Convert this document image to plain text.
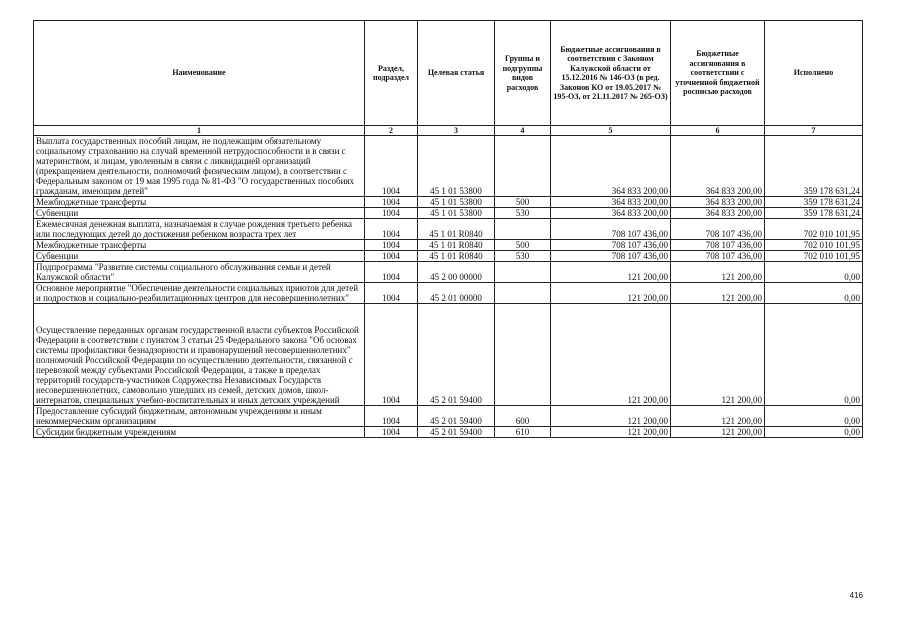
Наименование	Раздел, подраздел	Целевая статья	Группы и подгруппы видов расходов	Бюджетные ассигнования в соответствии с Законом Калужской области от 15.12.2016 № 146-ОЗ (в ред. Законов КО от 19.05.2017 № 195-ОЗ, от 21.11.2017 № 265-ОЗ)	Бюджетные ассигнования в соответствии с уточненной бюджетной росписью расходов	Исполнено
1	2	3	4	5	6	7
Выплата государственных пособий лицам, не подлежащим обязательному социальному страхованию на случай временной нетрудоспособности и в связи с материнством, и лицам, уволенным в связи с ликвидацией организаций (прекращением деятельности, полномочий физическим лицом), в соответствии с Федеральным законом от 19 мая 1995 года № 81-ФЗ "О государственных пособиях гражданам, имеющим детей"	1004	45 1 01 53800		364 833 200,00	364 833 200,00	359 178 631,24
Межбюджетные трансферты	1004	45 1 01 53800	500	364 833 200,00	364 833 200,00	359 178 631,24
Субвенции	1004	45 1 01 53800	530	364 833 200,00	364 833 200,00	359 178 631,24
Ежемесячная денежная выплата, назначаемая в случае рождения третьего ребенка или последующих детей до достижения ребенком возраста трех лет	1004	45 1 01 R0840		708 107 436,00	708 107 436,00	702 010 101,95
Межбюджетные трансферты	1004	45 1 01 R0840	500	708 107 436,00	708 107 436,00	702 010 101,95
Субвенции	1004	45 1 01 R0840	530	708 107 436,00	708 107 436,00	702 010 101,95
Подпрограмма "Развитие системы социального обслуживания семьи и детей Калужской области"	1004	45 2 00 00000		121 200,00	121 200,00	0,00
Основное мероприятие "Обеспечение деятельности социальных приютов для детей и подростков и социально-реабилитационных центров для несовершеннолетних"	1004	45 2 01 00000		121 200,00	121 200,00	0,00
Осуществление переданных органам государственной власти субъектов Российской Федерации в соответствии с пунктом 3 статьи 25 Федерального закона "Об основах системы профилактики безнадзорности и правонарушений несовершеннолетних" полномочий Российской Федерации по осуществлению деятельности, связанной с перевозкой между субъектами Российской Федерации, а также в пределах территорий государств-участников Содружества Независимых Государств несовершеннолетних, самовольно ушедших из семей, детских домов, школ-интернатов, специальных учебно-воспитательных и иных детских учреждений	1004	45 2 01 59400		121 200,00	121 200,00	0,00
Предоставление субсидий бюджетным, автономным учреждениям и иным некоммерческим организациям	1004	45 2 01 59400	600	121 200,00	121 200,00	0,00
Субсидии бюджетным учреждениям	1004	45 2 01 59400	610	121 200,00	121 200,00	0,00
416
